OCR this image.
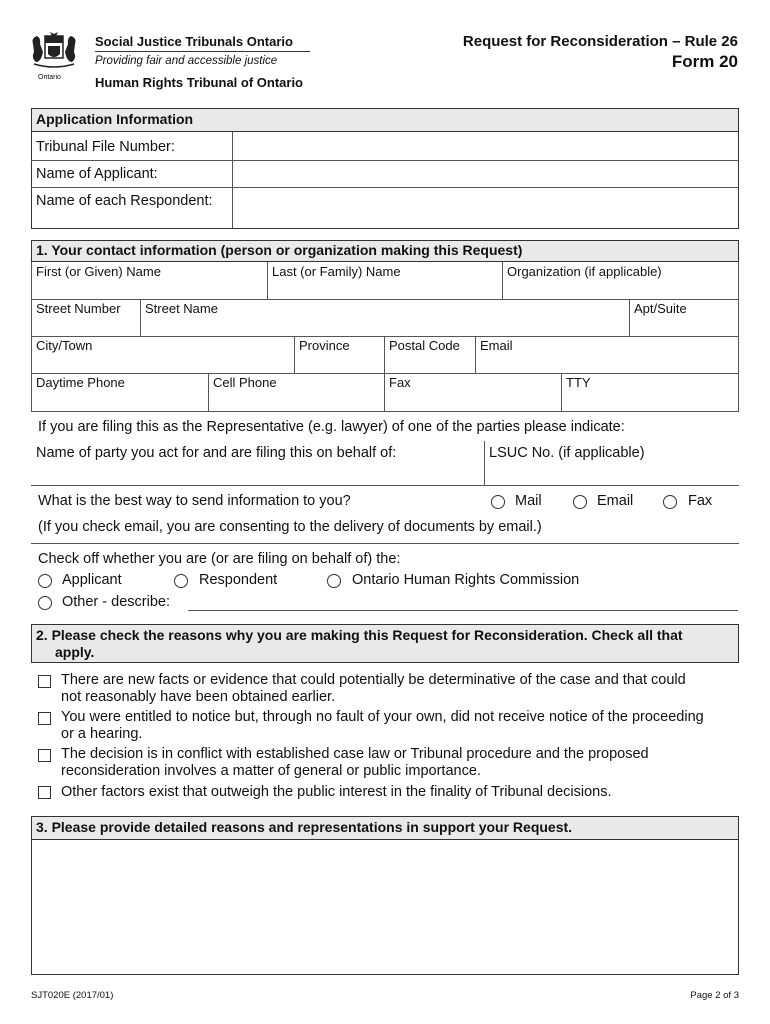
Ontario
Social Justice Tribunals Ontario
Providing fair and accessible justice
Human Rights Tribunal of Ontario
Request for Reconsideration – Rule 26
Form 20
Application Information
Tribunal File Number:
Name of Applicant:
Name of each Respondent:
1. Your contact information (person or organization making this Request)
First (or Given) Name	Last (or Family) Name	Organization (if applicable)
Street Number Street Name	Apt/Suite
City/Town	Province	Postal Code Email
Daytime Phone	Cell Phone	Fax	TTY
If you are filing this as the Representative (e.g. lawyer) of one of the parties please indicate:
Name of party you act for and are filing this on behalf of:	LSUC No. (if applicable)
What is the best way to send information to you?	Mail	Email	Fax
(If you check email, you are consenting to the delivery of documents by email.)
Check off whether you are (or are filing on behalf of) the:
Applicant	Respondent	Ontario Human Rights Commission
Other - describe:
2. Please check the reasons why you are making this Request for Reconsideration. Check all that
apply.
There are new facts or evidence that could potentially be determinative of the case and that could
not reasonably have been obtained earlier.
You were entitled to notice but, through no fault of your own, did not receive notice of the proceeding
or a hearing.
The decision is in conflict with established case law or Tribunal procedure and the proposed
reconsideration involves a matter of general or public importance.
Other factors exist that outweigh the public interest in the finality of Tribunal decisions.
3. Please provide detailed reasons and representations in support your Request.
SJT020E (2017/01)	Page 2 of 3
